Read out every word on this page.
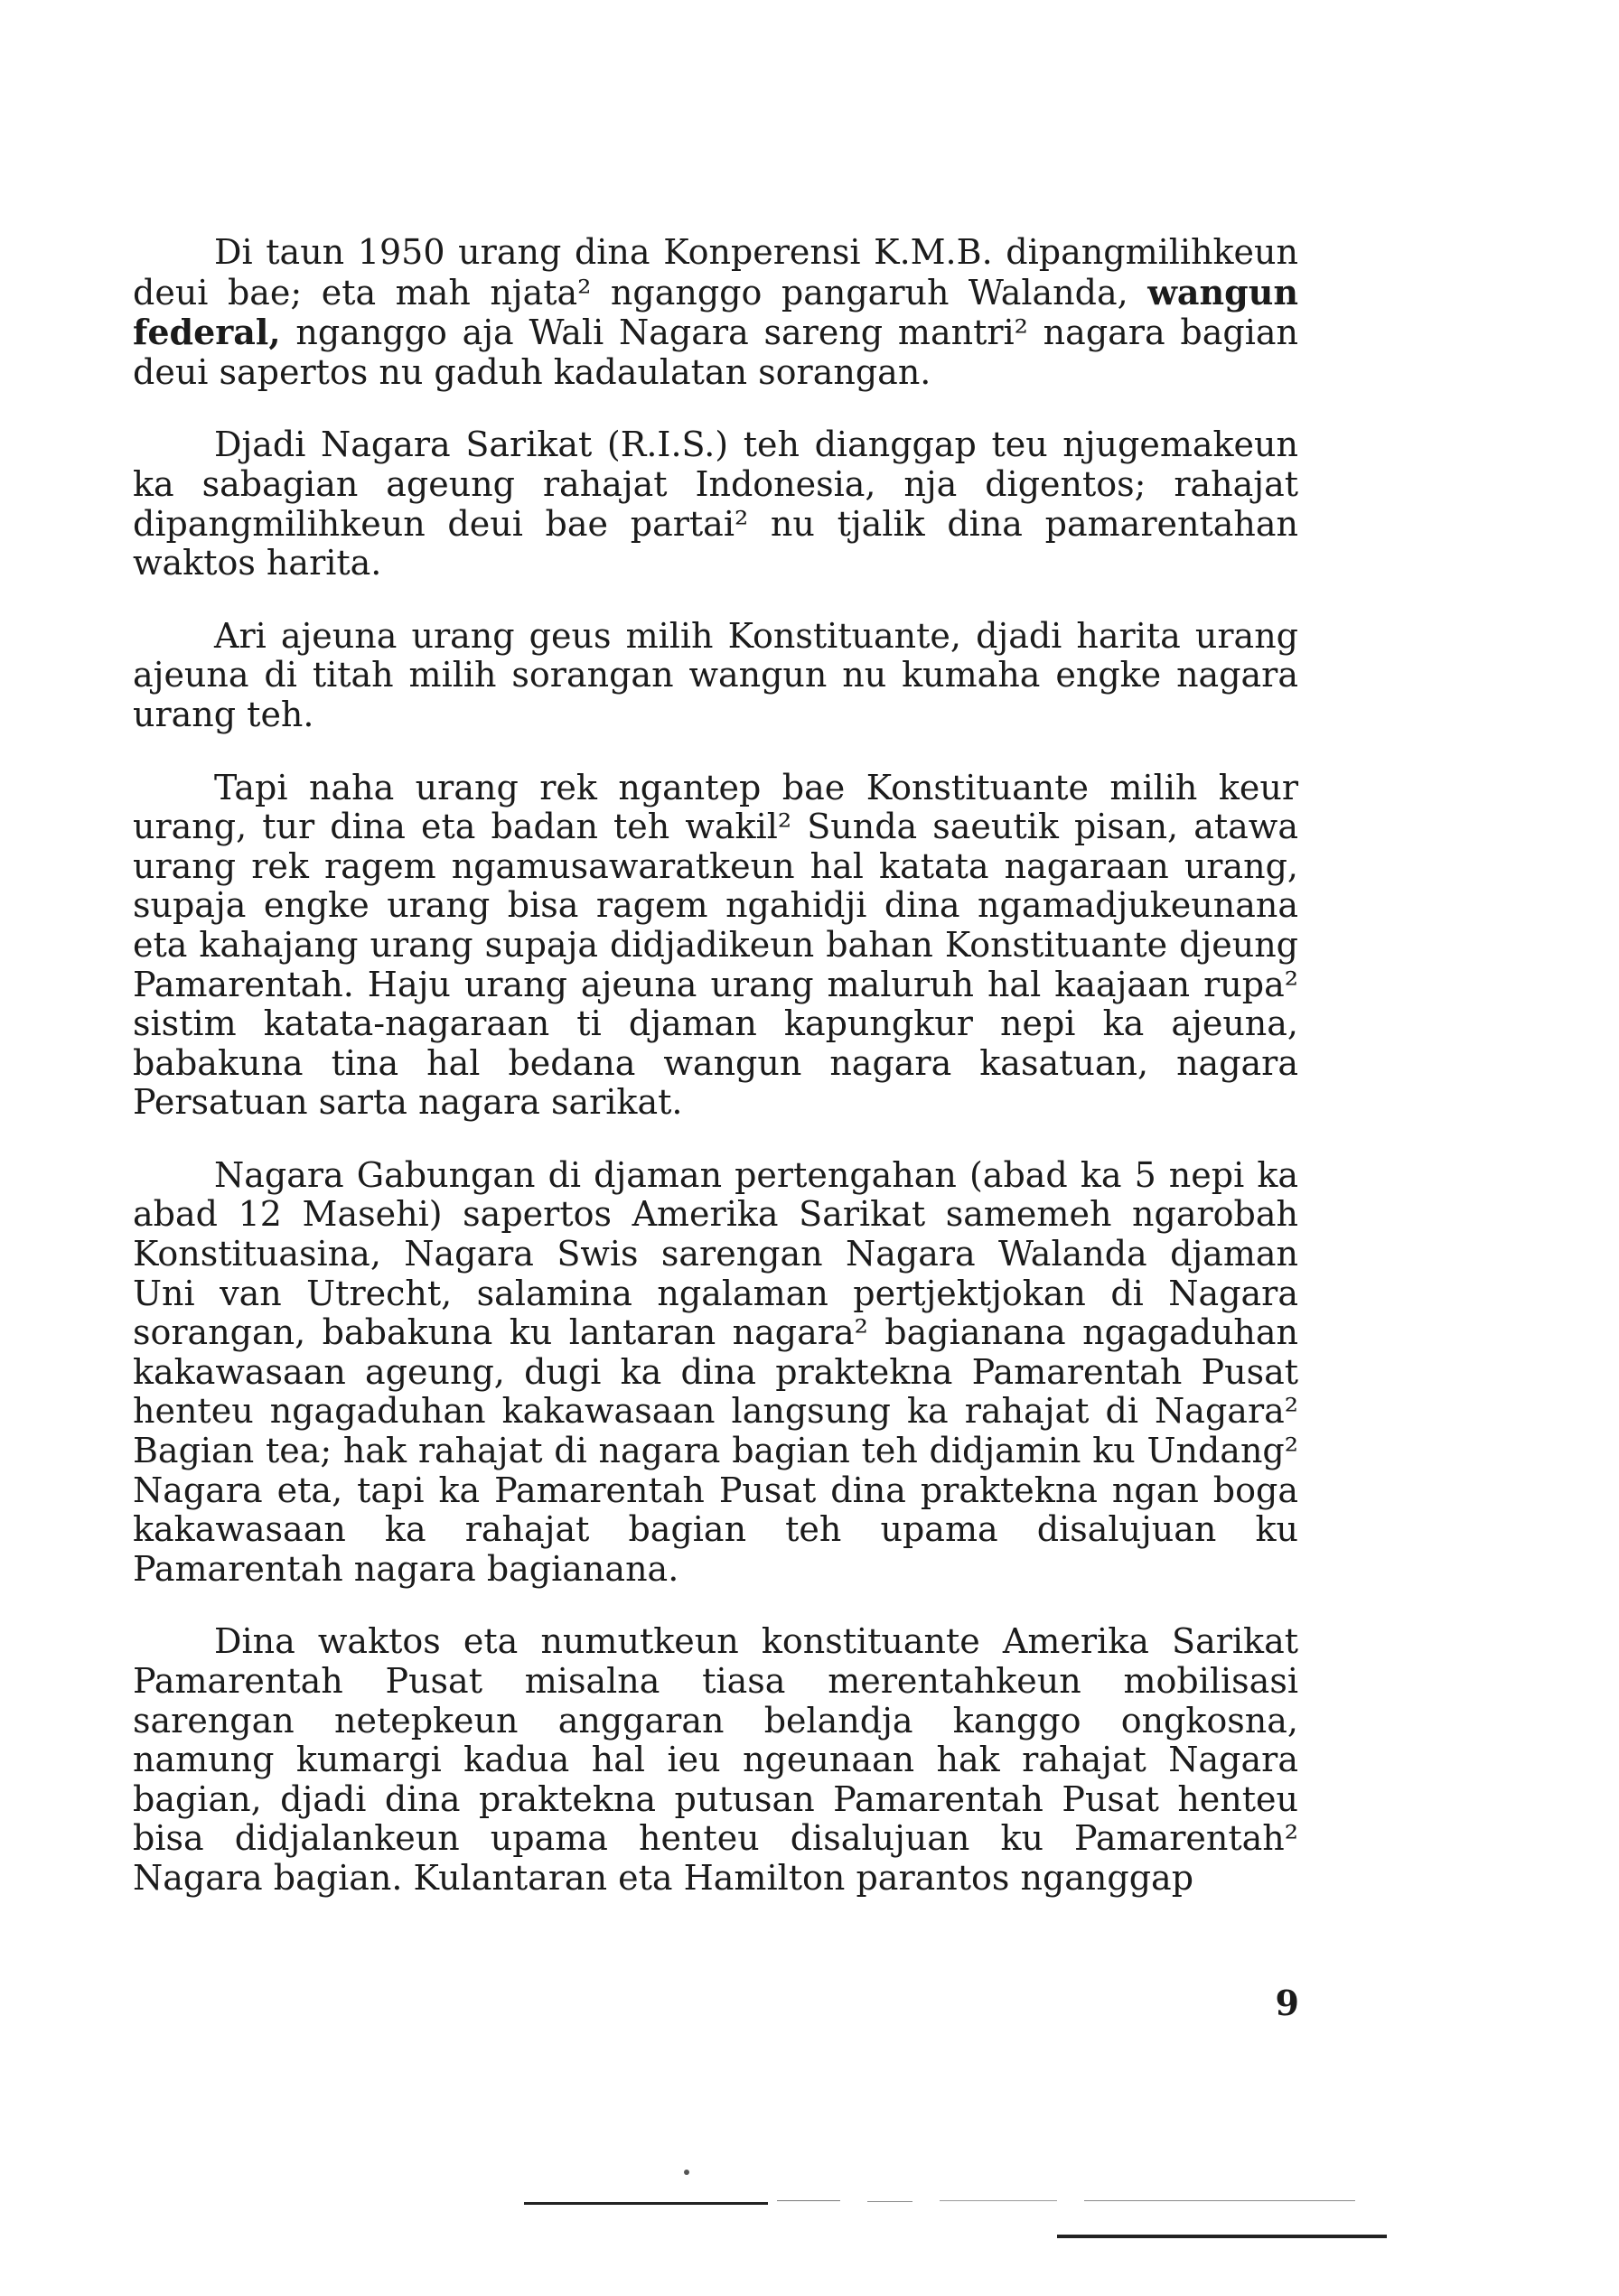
Di taun 1950 urang dina Konperensi K.M.B. dipangmilihkeun deui bae; eta mah njata² nganggo pangaruh Walanda, wangun federal, nganggo aja Wali Nagara sareng mantri² nagara bagian deui sapertos nu gaduh kadaulatan sorangan.

Djadi Nagara Sarikat (R.I.S.) teh dianggap teu njugemakeun ka sabagian ageung rahajat Indonesia, nja digentos; rahajat dipangmilihkeun deui bae partai² nu tjalik dina pamarentahan waktos harita.

Ari ajeuna urang geus milih Konstituante, djadi harita urang ajeuna di titah milih sorangan wangun nu kumaha engke nagara urang teh.

Tapi naha urang rek ngantep bae Konstituante milih keur urang, tur dina eta badan teh wakil² Sunda saeutik pisan, atawa urang rek ragem ngamusawaratkeun hal katata nagaraan urang, supaja engke urang bisa ragem ngahidji dina ngamadjukeunana eta kahajang urang supaja didjadikeun bahan Konstituante djeung Pamarentah. Haju urang ajeuna urang maluruh hal kaajaan rupa² sistim katata-nagaraan ti djaman kapungkur nepi ka ajeuna, babakuna tina hal bedana wangun nagara kasatuan, nagara Persatuan sarta nagara sarikat.

Nagara Gabungan di djaman pertengahan (abad ka 5 nepi ka abad 12 Masehi) sapertos Amerika Sarikat samemeh ngarobah Konstituasina, Nagara Swis sarengan Nagara Walanda djaman Uni van Utrecht, salamina ngalaman pertjektjokan di Nagara sorangan, babakuna ku lantaran nagara² bagianana ngagaduhan kakawasaan ageung, dugi ka dina praktekna Pamarentah Pusat henteu ngagaduhan kakawasaan langsung ka rahajat di Nagara² Bagian tea; hak rahajat di nagara bagian teh didjamin ku Undang² Nagara eta, tapi ka Pamarentah Pusat dina praktekna ngan boga kakawasaan ka rahajat bagian teh upama disalujuan ku Pamarentah nagara bagianana.

Dina waktos eta numutkeun konstituante Amerika Sarikat Pamarentah Pusat misalna tiasa merentahkeun mobilisasi sarengan netepkeun anggaran belandja kanggo ongkosna, namung kumargi kadua hal ieu ngeunaan hak rahajat Nagara bagian, djadi dina praktekna putusan Pamarentah Pusat henteu bisa didjalankeun upama henteu disalujuan ku Pamarentah² Nagara bagian. Kulantaran eta Hamilton parantos nganggap

9
